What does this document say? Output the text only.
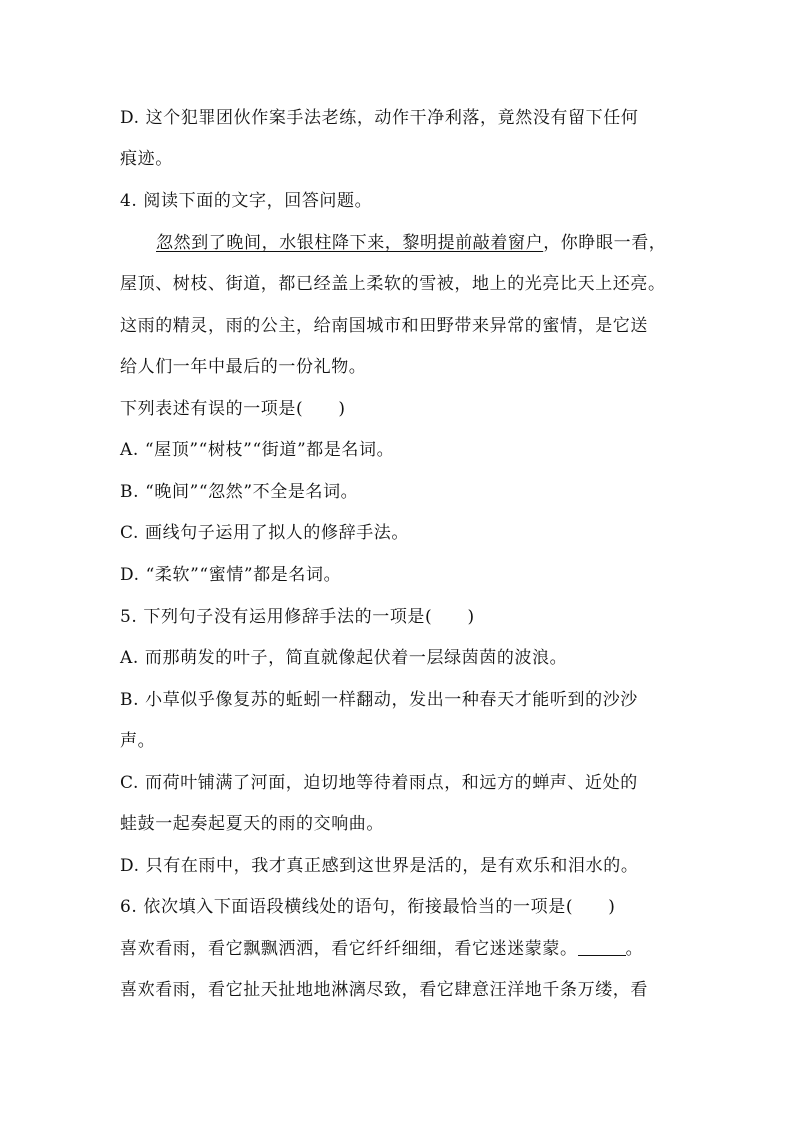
D. 这个犯罪团伙作案手法老练，动作干净利落，竟然没有留下任何
痕迹。
4. 阅读下面的文字，回答问题。
忽然到了晚间，水银柱降下来，黎明提前敲着窗户，你睁眼一看，
屋顶、树枝、街道，都已经盖上柔软的雪被，地上的光亮比天上还亮。
这雨的精灵，雨的公主，给南国城市和田野带来异常的蜜情，是它送
给人们一年中最后的一份礼物。
下列表述有误的一项是(　　)
A. “屋顶”“树枝”“街道”都是名词。
B. “晚间”“忽然”不全是名词。
C. 画线句子运用了拟人的修辞手法。
D. “柔软”“蜜情”都是名词。
5. 下列句子没有运用修辞手法的一项是(　　)
A. 而那萌发的叶子，简直就像起伏着一层绿茵茵的波浪。
B. 小草似乎像复苏的蚯蚓一样翻动，发出一种春天才能听到的沙沙
声。
C. 而荷叶铺满了河面，迫切地等待着雨点，和远方的蝉声、近处的
蛙鼓一起奏起夏天的雨的交响曲。
D. 只有在雨中，我才真正感到这世界是活的，是有欢乐和泪水的。
6. 依次填入下面语段横线处的语句，衔接最恰当的一项是(　　)
喜欢看雨，看它飘飘洒洒，看它纤纤细细，看它迷迷蒙蒙。	。
喜欢看雨，看它扯天扯地地淋漓尽致，看它肆意汪洋地千条万缕，看
